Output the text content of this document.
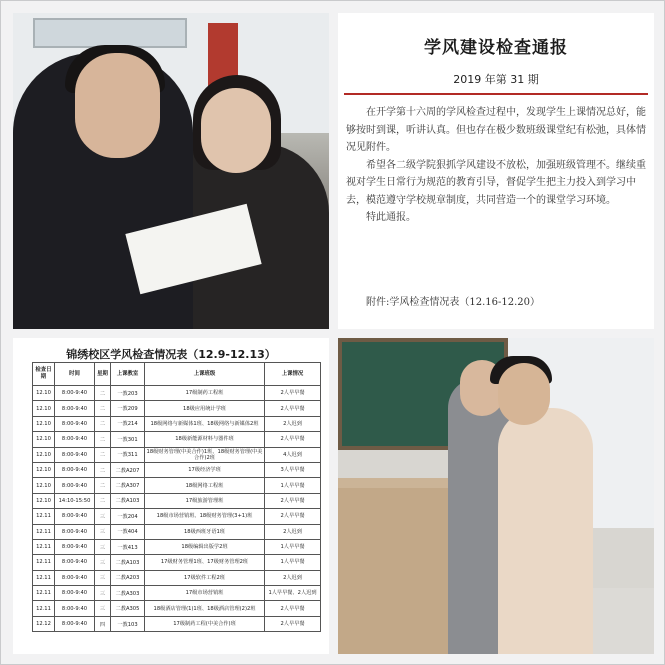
学风建设检查通报
2019 年第 31 期

在开学第十六周的学风检查过程中，发现学生上课情况总好，能够按时到课，听讲认真。但也存在极少数班级课堂纪有松弛，具体情况见附件。

希望各二级学院狠抓学风建设不放松，加强班级管理不。继续重视对学生日常行为规范的教育引导，督促学生把主力投入到学习中去，模范遵守学校规章制度，共同营造一个的课堂学习环境。

特此通报。

附件:学风检查情况表（12.16-12.20）
锦绣校区学风检查情况表（12.9-12.13）
检查日期	时间	星期	上课教室	上课班级	上课情况
12.10	8:00-9:40	二	一教203	17级制药工程班	2人早早餐
12.10	8:00-9:40	二	一教209	18级应用统计学班	2人早早餐
12.10	8:00-9:40	二	一教214	18级网络与新媒体1班、18级网络与新媒体2班	2人迟到
12.10	8:00-9:40	二	一教301	18级新能源材料与器件班	2人早早餐
12.10	8:00-9:40	二	一教311	18级财务管理(中美合作)1班、18级财务管理(中美合作)2班	4人迟到
12.10	8:00-9:40	二	二教A207	17级经济学班	3人早早餐
12.10	8:00-9:40	二	二教A307	18级网络工程班	1人早早餐
12.10	14:10-15:50	二	二教A103	17级旅游管理班	2人早早餐
12.11	8:00-9:40	三	一教204	18级市场营销班、18级财务管理(3+1)班	2人早早餐
12.11	8:00-9:40	三	一教404	18级西班牙语1班	2人迟到
12.11	8:00-9:40	三	一教413	18级编辑出版学2班	1人早早餐
12.11	8:00-9:40	三	二教A103	17级财务管理1班、17级财务管理2班	1人早早餐
12.11	8:00-9:40	三	二教A203	17级软件工程2班	2人迟到
12.11	8:00-9:40	三	二教A303	17级市场营销班	1人早早餐、2人迟到
12.11	8:00-9:40	三	二教A305	18级酒店管理(1)1班、18级酒店管理(2)2班	2人早早餐
12.12	8:00-9:40	四	一教103	17级制药工程(中美合作)班	2人早早餐
